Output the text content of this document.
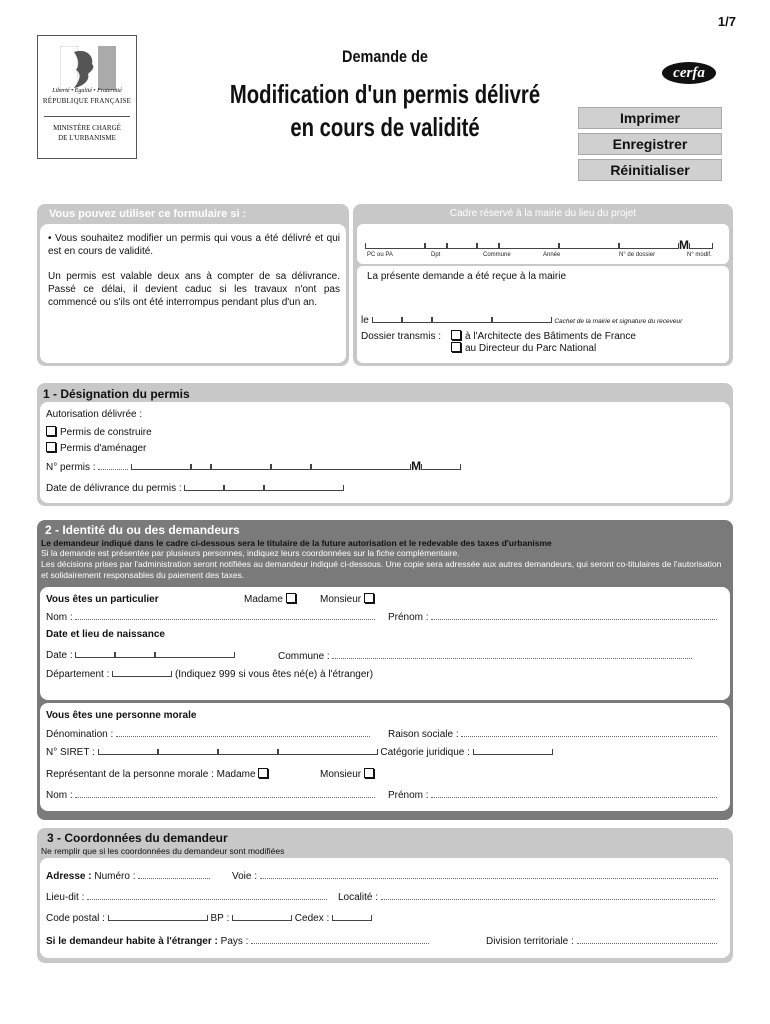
1/7
Liberté • Égalité • Fraternité
RÉPUBLIQUE FRANÇAISE
MINISTÈRE CHARGÉ
DE L'URBANISME
Demande de
Modification d'un permis délivré
en cours de validité
cerfa
Imprimer
Enregistrer
Réinitialiser
Vous pouvez utiliser ce formulaire si :
• Vous souhaitez modifier un permis qui vous a été délivré et qui est en cours de validité.
Un permis est valable deux ans à compter de sa délivrance. Passé ce délai, il devient caduc si les travaux n'ont pas commencé ou s'ils ont été interrompus pendant plus d'un an.
Cadre réservé à la mairie du lieu du projet
M
PC ou PA	Dpt	Commune	Année	N° de dossier	N° modif.
La présente demande a été reçue à la mairie
le	Cachet de la mairie et signature du receveur
Dossier transmis :	à l'Architecte des Bâtiments de France
au Directeur du Parc National
1 - Désignation du permis
Autorisation délivrée :
Permis de construire
Permis d'aménager
N° permis :	M
Date de délivrance du permis :
2 - Identité du ou des demandeurs
Le demandeur indiqué dans le cadre ci-dessous sera le titulaire de la future autorisation et le redevable des taxes d'urbanisme
Si la demande est présentée par plusieurs personnes, indiquez leurs coordonnées sur la fiche complémentaire.
Les décisions prises par l'administration seront notifiées au demandeur indiqué ci-dessous. Une copie sera adressée aux autres demandeurs, qui seront co-titulaires de l'autorisation et solidairement responsables du paiement des taxes.
Vous êtes un particulier	Madame	Monsieur
Nom :	Prénom :
Date et lieu de naissance
Date :	Commune :
Département :	(Indiquez 999 si vous êtes né(e) à l'étranger)
Vous êtes une personne morale
Dénomination :	Raison sociale :
N° SIRET :	Catégorie juridique :
Représentant de la personne morale : Madame	Monsieur
Nom :	Prénom :
3 - Coordonnées du demandeur
Ne remplir que si les coordonnées du demandeur sont modifiées
Adresse : Numéro :	Voie :
Lieu-dit :	Localité :
Code postal :	BP :	Cedex :
Si le demandeur habite à l'étranger : Pays :	Division territoriale :
